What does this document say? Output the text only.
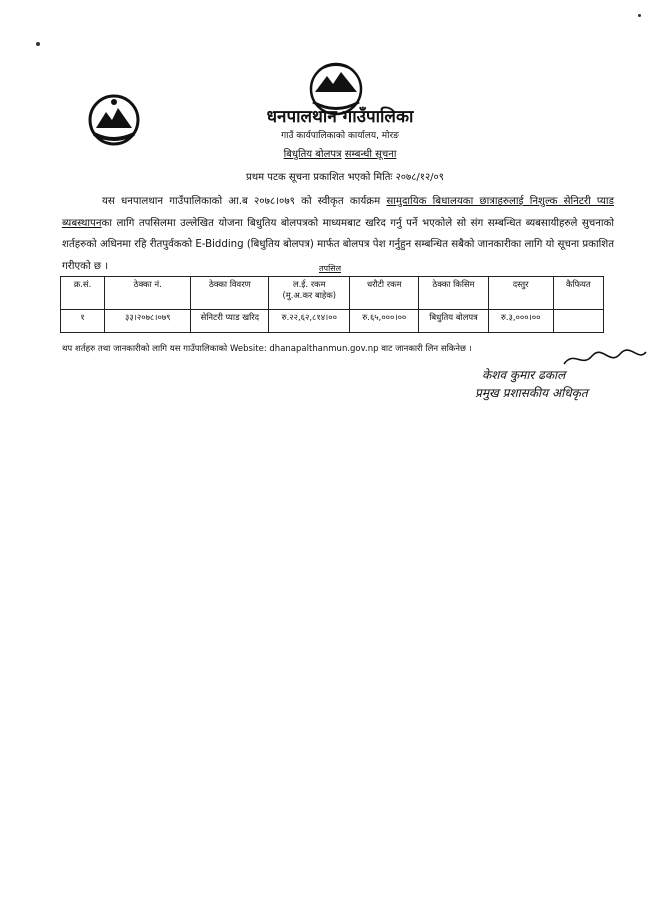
धनपालथान गाउँपालिका
गाउँ कार्यपालिकाको कार्यालय, मोरङ
बिधुतिय बोलपत्र सम्बन्धी सूचना
प्रथम पटक सूचना प्रकाशित भएको मितिः २०७८/१२/०९
यस धनपालथान गाउँपालिकाको आ.ब २०७८।०७९ को स्वीकृत कार्यक्रम सामुदायिक बिधालयका छात्राहरुलाई निशुल्क सेनिटरी प्याड ब्यबस्थापनका लागि तपसिलमा उल्लेखित योजना बिधुतिय बोलपत्रको माध्यमबाट खरिद गर्नु पर्ने भएकोले सो संग सम्बन्धित ब्यबसायीहरुले सुचनाको शर्तहरुको अधिनमा रहि रीतपुर्वकको E-Bidding (बिधुतिय बोलपत्र) मार्फत बोलपत्र पेश गर्नुहुन सम्बन्धित सबैको जानकारीका लागि यो सूचना प्रकाशित गरीएको छ ।	तपसिल
क्र.सं.	ठेक्का नं.	ठेक्का विवरण	ल.ई. रकम
(मु.अ.कर बाहेक)	धरौटी रकम	ठेक्का किसिम	दस्तुर	कैफियत
१	३३।२०७८।०७९	सेनिटरी प्याड खरिद	रु.२२,६२,८१४।००	रु.६५,०००।००	बिधुतिय बोलपत्र	रु.३,०००।००	
थप शर्तहरु तथा जानकारीको लागि यस गाउँपालिकाको Website: dhanapalthanmun.gov.np वाट जानकारी लिन सकिनेछ ।
केशव कुमार ढकाल
प्रमुख प्रशासकीय अधिकृत
